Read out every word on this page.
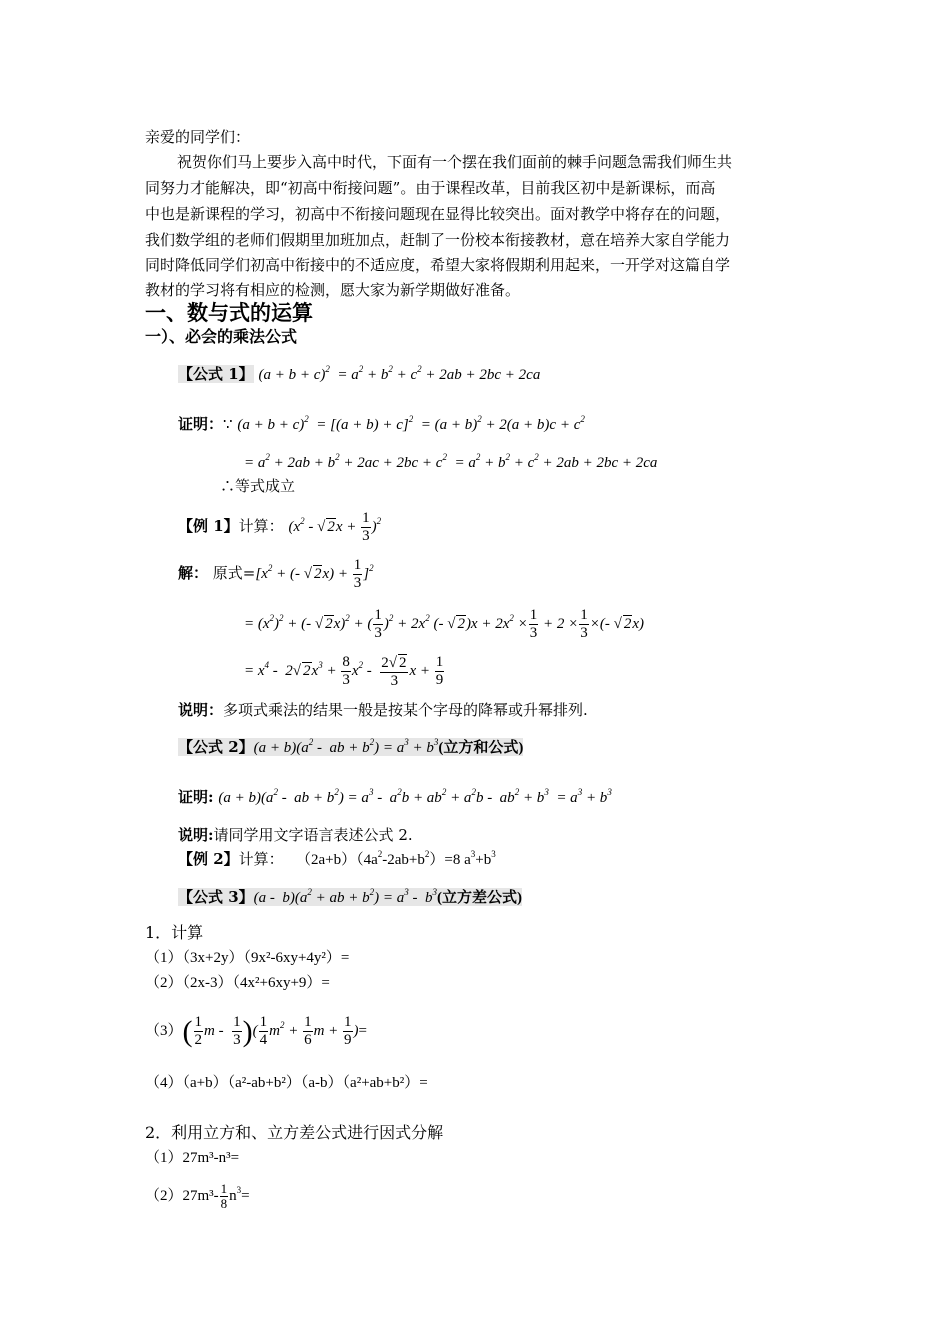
亲爱的同学们：
祝贺你们马上要步入高中时代，下面有一个摆在我们面前的棘手问题急需我们师生共
同努力才能解决，即“初高中衔接问题”。由于课程改革，目前我区初中是新课标，而高
中也是新课程的学习，初高中不衔接问题现在显得比较突出。面对教学中将存在的问题，
我们数学组的老师们假期里加班加点，赶制了一份校本衔接教材，意在培养大家自学能力
同时降低同学们初高中衔接中的不适应度，希望大家将假期利用起来，一开学对这篇自学
教材的学习将有相应的检测，愿大家为新学期做好准备。
一、数与式的运算
一）、必会的乘法公式
【公式 1】 $(a + b + c)^2 = a^2 + b^2 + c^2 + 2ab + 2bc + 2ca$
证明：∵ $(a + b + c)^2 = [(a + b) + c]^2 = (a + b)^2 + 2(a + b)c + c^2$
= $a^2 + 2ab + b^2 + 2ac + 2bc + c^2 = a^2 + b^2 + c^2 + 2ab + 2bc + 2ca$
∴等式成立
【例 1】计算： ($x^2$ - √ $2x + \frac{1}{3} )^2$
解： 原式$=[x^2$ + (- √ $2x) + \frac{1}{3} ]^2$
= $(x^2)^2$ + (- √ 2x)$^2$ + ( $\frac{1}{3} )^2 + 2x^2$ (- √ $2)x + 2x^2 \times \frac{1}{3} + 2 \times \frac{1}{3}$ ×(- √ 2x)
= $x^4 - 2√$ $2x^3 + \frac{8}{3} x^2 - \frac{2√ 2}{3}$ $x + \frac{1}{9}$
说明：多项式乘法的结果一般是按某个字母的降幂或升幂排列.
【公式 2】$(a + b)(a^2$ -  ab + $b^2) = a^3 + b^3$(立方和公式)
证明: $(a + b)(a^2$ -  ab + $b^2) = a^3 - a^2b + ab^2 + a^2b - ab^2 + b^3 = a^3 + b^3$
说明:请同学用文字语言表述公式 2.
【例 2】计算：   $(2a+b)(4a^2-2ab+b^2)=8$ $a^3+b^3$
【公式 3】$(a - b)(a^2$ + ab + $b^2) = a^3 - b^3$(立方差公式)
1．计算
（1）（3x+2y）（9x²-6xy+4y²）=
（2）（2x-3）（4x²+6xy+9）=
$(3)( \frac{1}{2}$ m - $\frac{1}{3}$ )( $\frac{1}{4} m^2 + \frac{1}{6}$ $m + \frac{1}{9}$ )=
（4）（a+b）（a²-ab+b²）（a-b）（a²+ab+b²）=
2．利用立方和、立方差公式进行因式分解
（1）27m³-n³=
$(2)27m^3- \frac{1}{8} n^3=$
